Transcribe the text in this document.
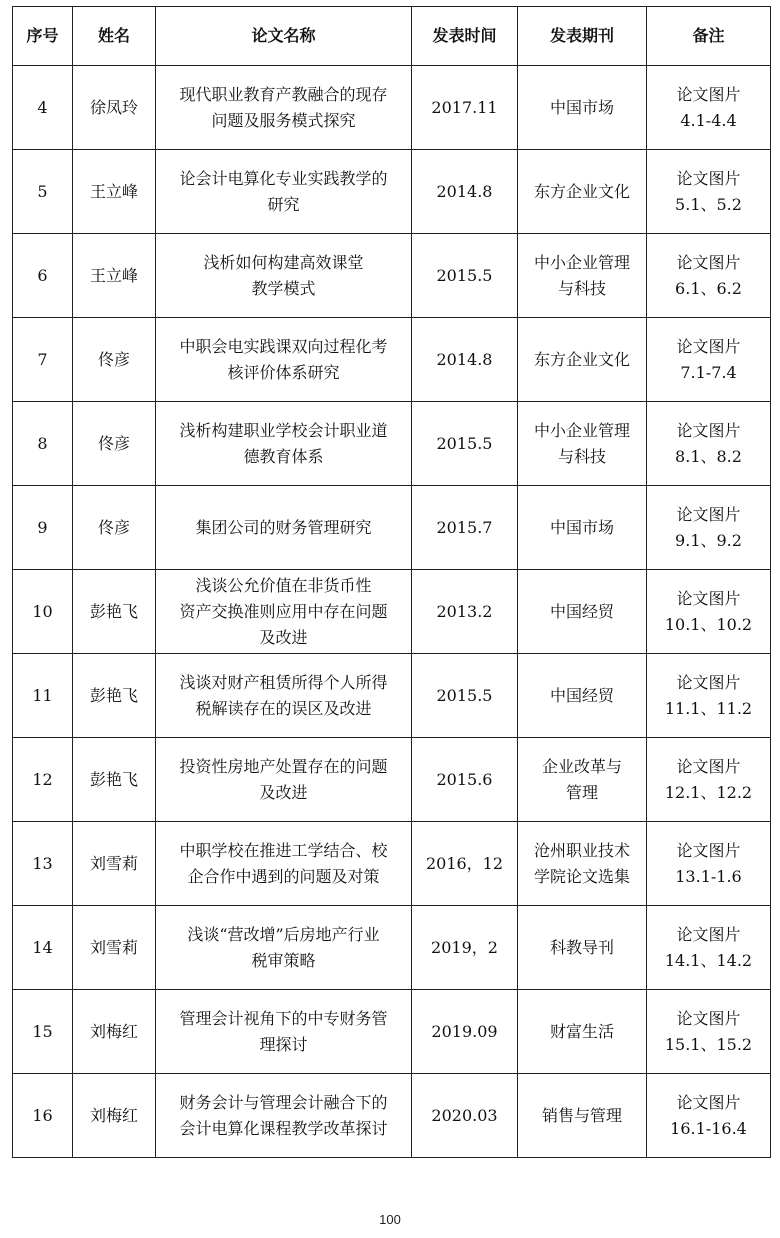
序号	姓名	论文名称	发表时间	发表期刊	备注
4	徐凤玲	现代职业教育产教融合的现存
问题及服务模式探究	2017.11	中国市场	论文图片
4.1-4.4

5	王立峰	论会计电算化专业实践教学的
研究	2014.8	东方企业文化	论文图片
5.1、5.2

6	王立峰	浅析如何构建高效课堂
教学模式	2015.5	中小企业管理
与科技	论文图片
6.1、6.2

7	佟彦	中职会电实践课双向过程化考
核评价体系研究	2014.8	东方企业文化	论文图片
7.1-7.4

8	佟彦	浅析构建职业学校会计职业道
德教育体系	2015.5	中小企业管理
与科技	论文图片
8.1、8.2

9	佟彦	集团公司的财务管理研究	2015.7	中国市场	论文图片
9.1、9.2

10	彭艳飞	浅谈公允价值在非货币性
资产交换准则应用中存在问题
及改进	2013.2	中国经贸	论文图片
10.1、10.2

11	彭艳飞	浅谈对财产租赁所得个人所得
税解读存在的误区及改进	2015.5	中国经贸	论文图片
11.1、11.2

12	彭艳飞	投资性房地产处置存在的问题
及改进	2015.6	企业改革与
管理	论文图片
12.1、12.2

13	刘雪莉	中职学校在推进工学结合、校
企合作中遇到的问题及对策	2016，12	沧州职业技术
学院论文选集	论文图片
13.1-1.6

14	刘雪莉	浅谈“营改增”后房地产行业
税审策略	2019，2	科教导刊	论文图片
14.1、14.2

15	刘梅红	管理会计视角下的中专财务管
理探讨	2019.09	财富生活	论文图片
15.1、15.2

16	刘梅红	财务会计与管理会计融合下的
会计电算化课程教学改革探讨	2020.03	销售与管理	论文图片
16.1-16.4
100
